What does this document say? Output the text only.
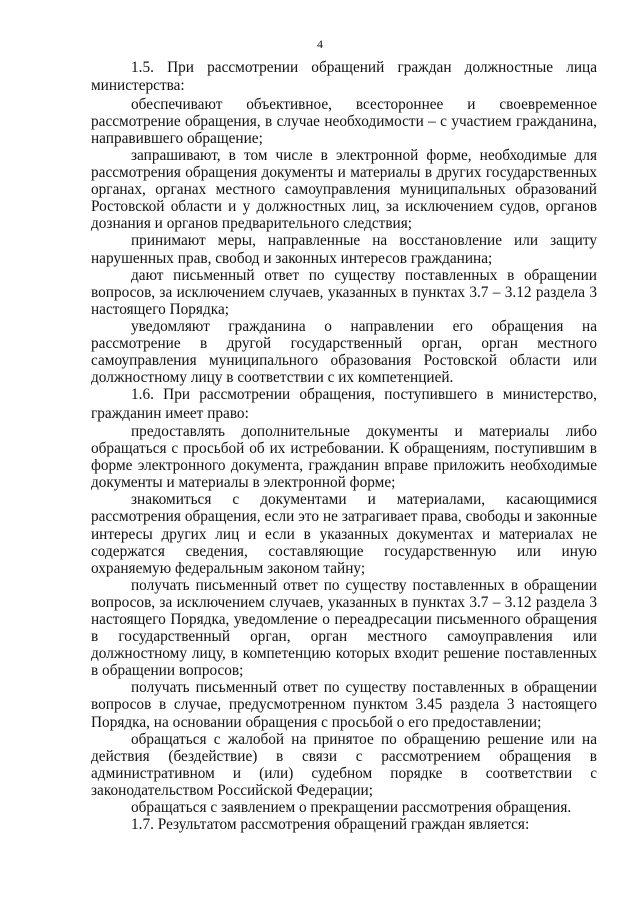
4

1.5. При рассмотрении обращений граждан должностные лица министерства:

обеспечивают объективное, всестороннее и своевременное рассмотрение обращения, в случае необходимости – с участием гражданина, направившего обращение;

запрашивают, в том числе в электронной форме, необходимые для рассмотрения обращения документы и материалы в других государственных органах, органах местного самоуправления муниципальных образований Ростовской области и у должностных лиц, за исключением судов, органов дознания и органов предварительного следствия;

принимают меры, направленные на восстановление или защиту нарушенных прав, свобод и законных интересов гражданина;

дают письменный ответ по существу поставленных в обращении вопросов, за исключением случаев, указанных в пунктах 3.7 – 3.12 раздела 3 настоящего Порядка;

уведомляют гражданина о направлении его обращения на рассмотрение в другой государственный орган, орган местного самоуправления муниципального образования Ростовской области или должностному лицу в соответствии с их компетенцией.

1.6. При рассмотрении обращения, поступившего в министерство, гражданин имеет право:

предоставлять дополнительные документы и материалы либо обращаться с просьбой об их истребовании. К обращениям, поступившим в форме электронного документа, гражданин вправе приложить необходимые документы и материалы в электронной форме;

знакомиться с документами и материалами, касающимися рассмотрения обращения, если это не затрагивает права, свободы и законные интересы других лиц и если в указанных документах и материалах не содержатся сведения, составляющие государственную или иную охраняемую федеральным законом тайну;

получать письменный ответ по существу поставленных в обращении вопросов, за исключением случаев, указанных в пунктах 3.7 – 3.12 раздела 3 настоящего Порядка, уведомление о переадресации письменного обращения в государственный орган, орган местного самоуправления или должностному лицу, в компетенцию которых входит решение поставленных в обращении вопросов;

получать письменный ответ по существу поставленных в обращении вопросов в случае, предусмотренном пунктом 3.45 раздела 3 настоящего Порядка, на основании обращения с просьбой о его предоставлении;

обращаться с жалобой на принятое по обращению решение или на действия (бездействие) в связи с рассмотрением обращения в административном и (или) судебном порядке в соответствии с законодательством Российской Федерации;

обращаться с заявлением о прекращении рассмотрения обращения.

1.7. Результатом рассмотрения обращений граждан является:
